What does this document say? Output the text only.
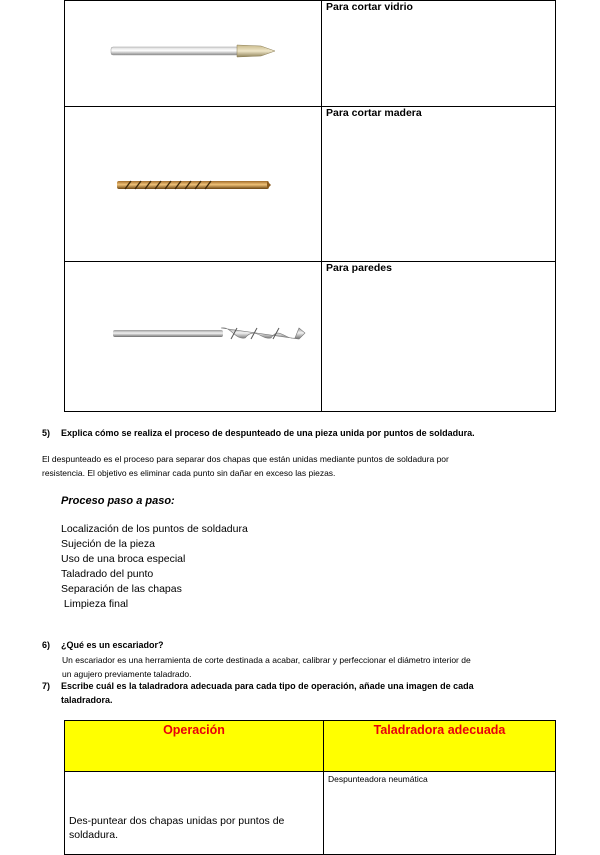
	Para cortar vidrio

	Para cortar madera

	Para paredes
5) Explica cómo se realiza el proceso de despunteado de una pieza unida por puntos de soldadura.
El despunteado es el proceso para separar dos chapas que están unidas mediante puntos de soldadura por
resistencia. El objetivo es eliminar cada punto sin dañar en exceso las piezas.
Proceso paso a paso:
Localización de los puntos de soldadura
Sujeción de la pieza
Uso de una broca especial
Taladrado del punto
Separación de las chapas
Limpieza final
6) ¿Qué es un escariador?
Un escariador es una herramienta de corte destinada a acabar, calibrar y perfeccionar el diámetro interior de
un agujero previamente taladrado.
7) Escribe cuál es la taladradora adecuada para cada tipo de operación, añade una imagen de cada
taladradora.
Operación	Taladradora adecuada
Des-puntear dos chapas unidas por puntos de soldadura.	Despunteadora neumática
